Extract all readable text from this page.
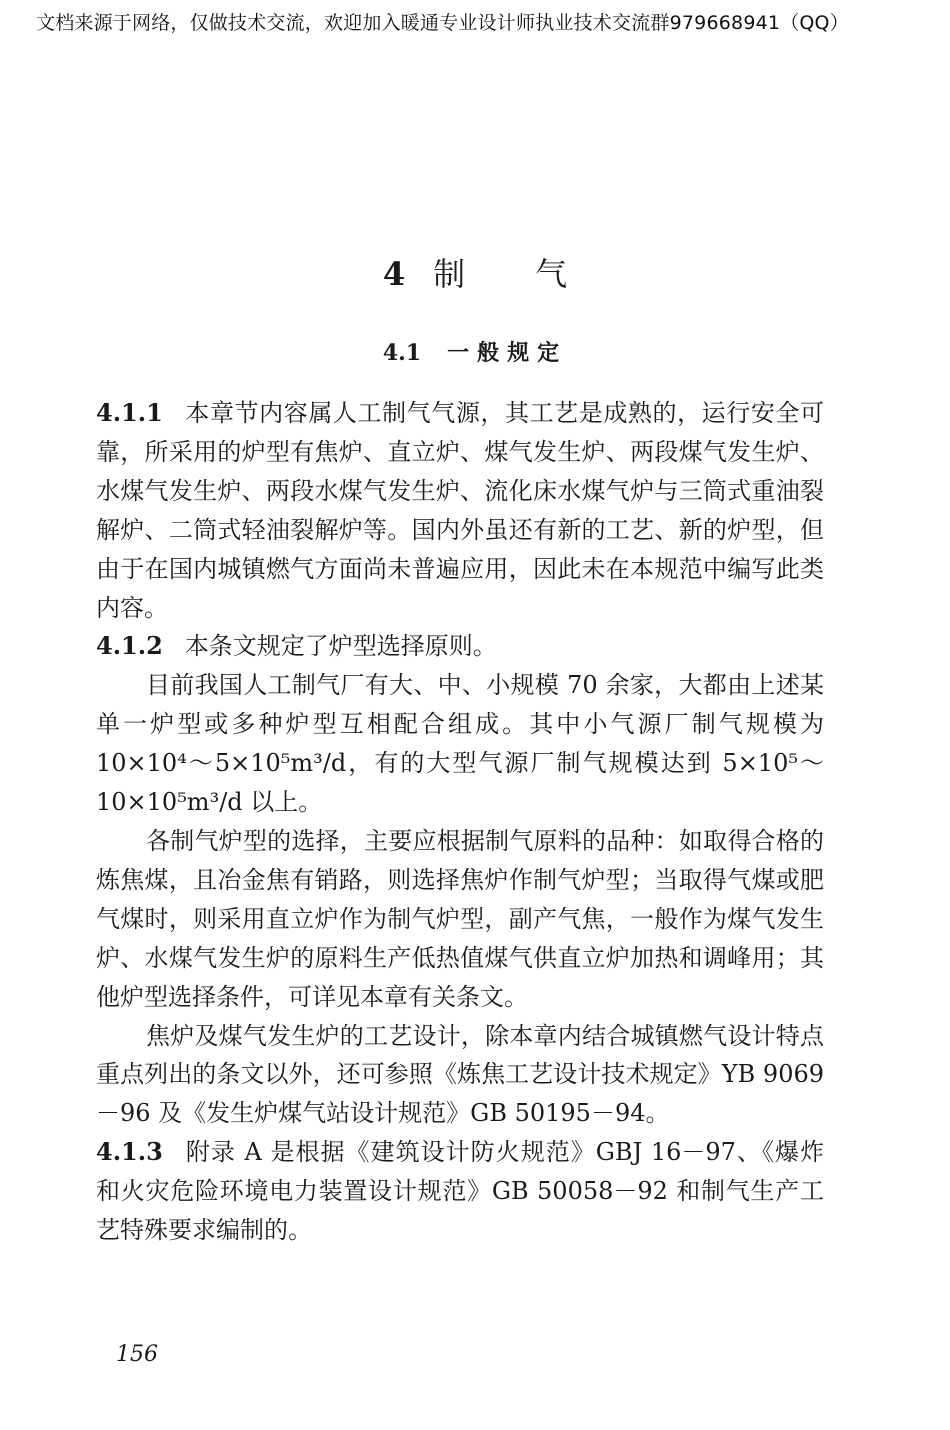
文档来源于网络，仅做技术交流，欢迎加入暖通专业设计师执业技术交流群979668941（QQ）
4 制气
4.1 一般规定

4.1.1 本章节内容属人工制气气源，其工艺是成熟的，运行安全可靠，所采用的炉型有焦炉、直立炉、煤气发生炉、两段煤气发生炉、水煤气发生炉、两段水煤气发生炉、流化床水煤气炉与三筒式重油裂解炉、二筒式轻油裂解炉等。国内外虽还有新的工艺、新的炉型，但由于在国内城镇燃气方面尚未普遍应用，因此未在本规范中编写此类内容。

4.1.2 本条文规定了炉型选择原则。

目前我国人工制气厂有大、中、小规模 70 余家，大都由上述某单一炉型或多种炉型互相配合组成。其中小气源厂制气规模为 10×10⁴～5×10⁵m³/d，有的大型气源厂制气规模达到 5×10⁵～10×10⁵m³/d 以上。

各制气炉型的选择，主要应根据制气原料的品种：如取得合格的炼焦煤，且冶金焦有销路，则选择焦炉作制气炉型；当取得气煤或肥气煤时，则采用直立炉作为制气炉型，副产气焦，一般作为煤气发生炉、水煤气发生炉的原料生产低热值煤气供直立炉加热和调峰用；其他炉型选择条件，可详见本章有关条文。

焦炉及煤气发生炉的工艺设计，除本章内结合城镇燃气设计特点重点列出的条文以外，还可参照《炼焦工艺设计技术规定》YB 9069－96 及《发生炉煤气站设计规范》GB 50195－94。

4.1.3 附录 A 是根据《建筑设计防火规范》GBJ 16－97、《爆炸和火灾危险环境电力装置设计规范》GB 50058－92 和制气生产工艺特殊要求编制的。

156
